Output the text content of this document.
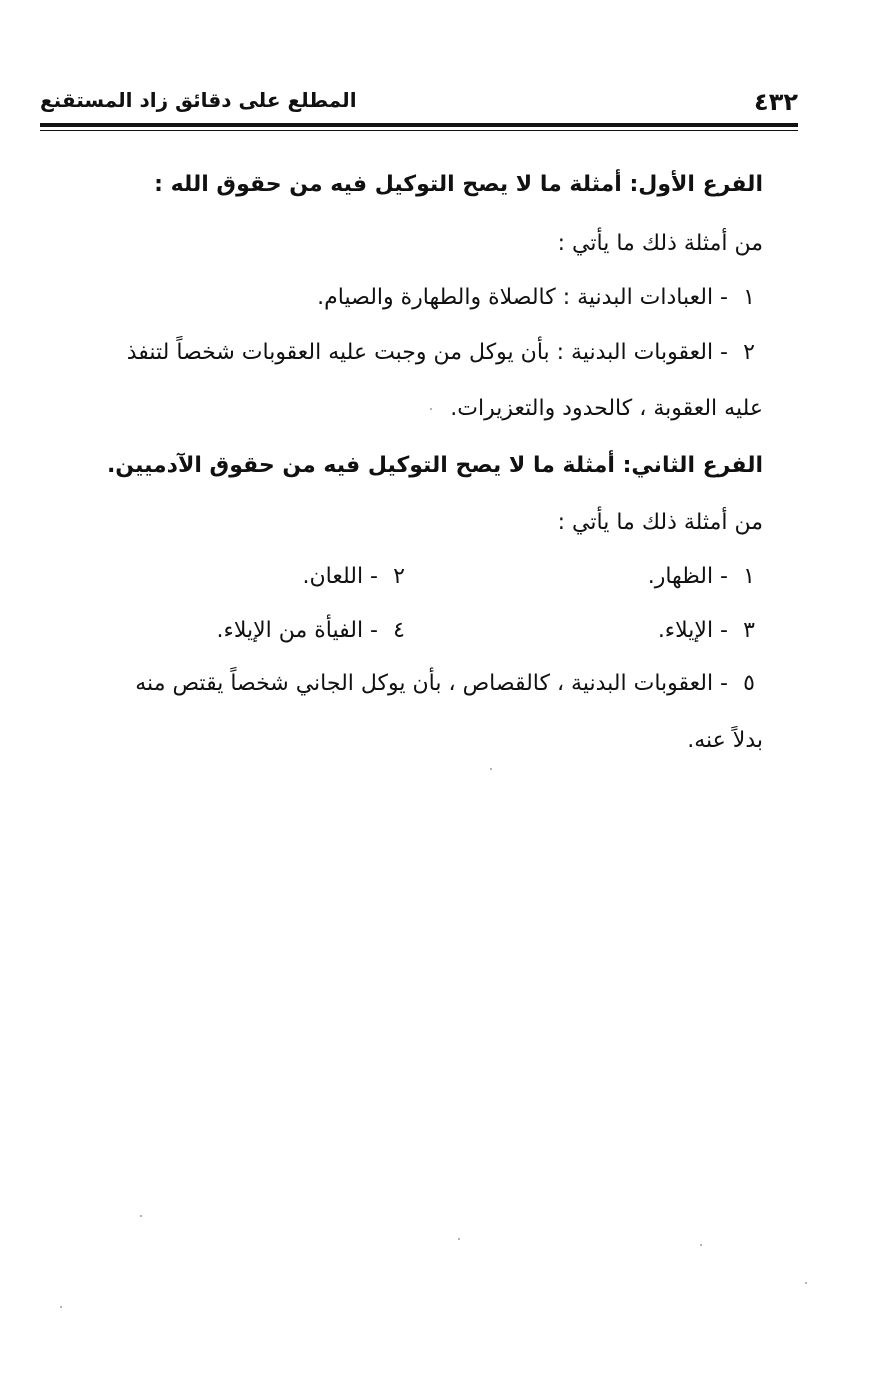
٤٣٢
المطلع على دقائق زاد المستقنع
الفرع الأول: أمثلة ما لا يصح التوكيل فيه من حقوق الله :
من أمثلة ذلك ما يأتي :
١ - العبادات البدنية : كالصلاة والطهارة والصيام.
٢ - العقوبات البدنية : بأن يوكل من وجبت عليه العقوبات شخصاً لتنفذ
عليه العقوبة ، كالحدود والتعزيرات.
الفرع الثاني: أمثلة ما لا يصح التوكيل فيه من حقوق الآدميين.
من أمثلة ذلك ما يأتي :
١ - الظهار.
٢ - اللعان.
٣ - الإيلاء.
٤ - الفيأة من الإيلاء.
٥ - العقوبات البدنية ، كالقصاص ، بأن يوكل الجاني شخصاً يقتص منه
بدلاً عنه.
